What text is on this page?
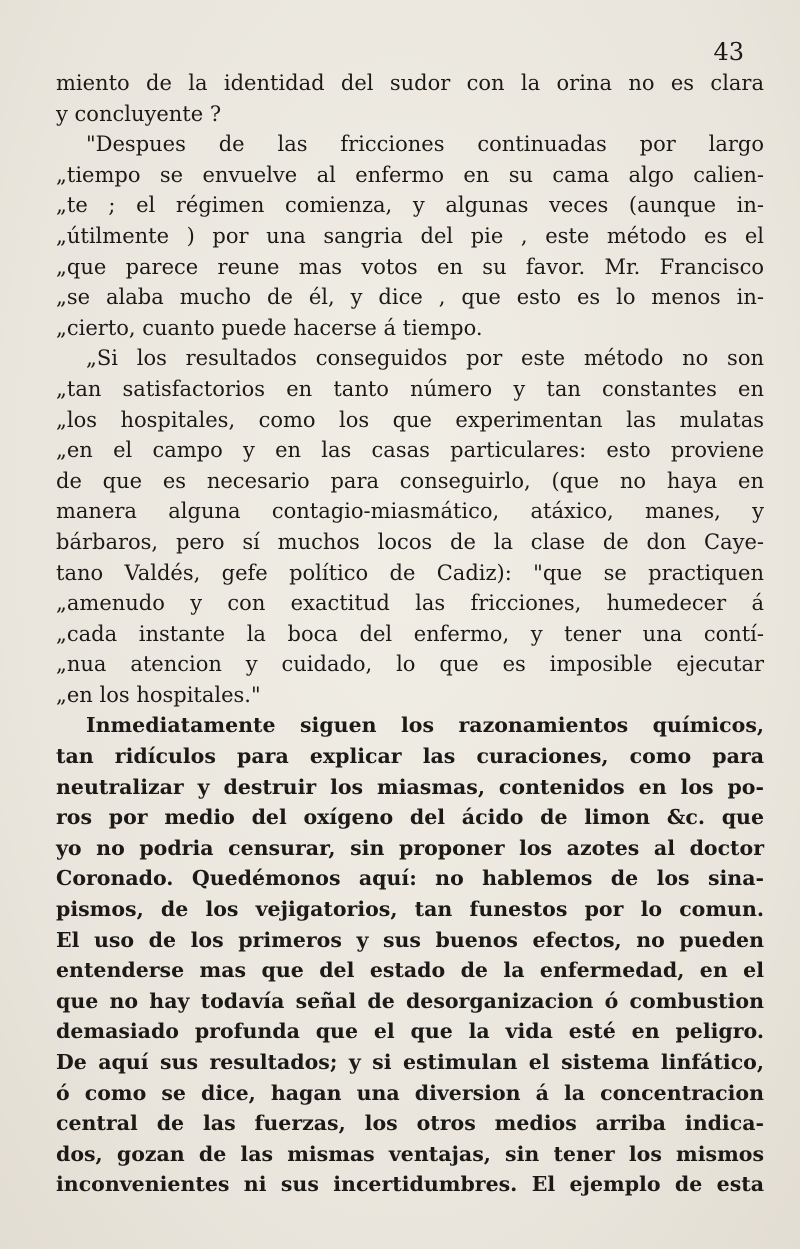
43
miento de la identidad del sudor con la orina no es clara
y concluyente ?
"Despues de las fricciones continuadas por largo
„tiempo se envuelve al enfermo en su cama algo calien-
„te ; el régimen comienza, y algunas veces (aunque in-
„útilmente ) por una sangria del pie , este método es el
„que parece reune mas votos en su favor. Mr. Francisco
„se alaba mucho de él, y dice , que esto es lo menos in-
„cierto, cuanto puede hacerse á tiempo.
„Si los resultados conseguidos por este método no son
„tan satisfactorios en tanto número y tan constantes en
„los hospitales, como los que experimentan las mulatas
„en el campo y en las casas particulares: esto proviene
de que es necesario para conseguirlo, (que no haya en
manera alguna contagio-miasmático, atáxico, manes, y
bárbaros, pero sí muchos locos de la clase de don Caye-
tano Valdés, gefe político de Cadiz): "que se practiquen
„amenudo y con exactitud las fricciones, humedecer á
„cada instante la boca del enfermo, y tener una contí-
„nua atencion y cuidado, lo que es imposible ejecutar
„en los hospitales."
Inmediatamente siguen los razonamientos químicos,
tan ridículos para explicar las curaciones, como para
neutralizar y destruir los miasmas, contenidos en los po-
ros por medio del oxígeno del ácido de limon &c. que
yo no podria censurar, sin proponer los azotes al doctor
Coronado. Quedémonos aquí: no hablemos de los sina-
pismos, de los vejigatorios, tan funestos por lo comun.
El uso de los primeros y sus buenos efectos, no pueden
entenderse mas que del estado de la enfermedad, en el
que no hay todavía señal de desorganizacion ó combustion
demasiado profunda que el que la vida esté en peligro.
De aquí sus resultados; y si estimulan el sistema linfático,
ó como se dice, hagan una diversion á la concentracion
central de las fuerzas, los otros medios arriba indica-
dos, gozan de las mismas ventajas, sin tener los mismos
inconvenientes ni sus incertidumbres. El ejemplo de esta
